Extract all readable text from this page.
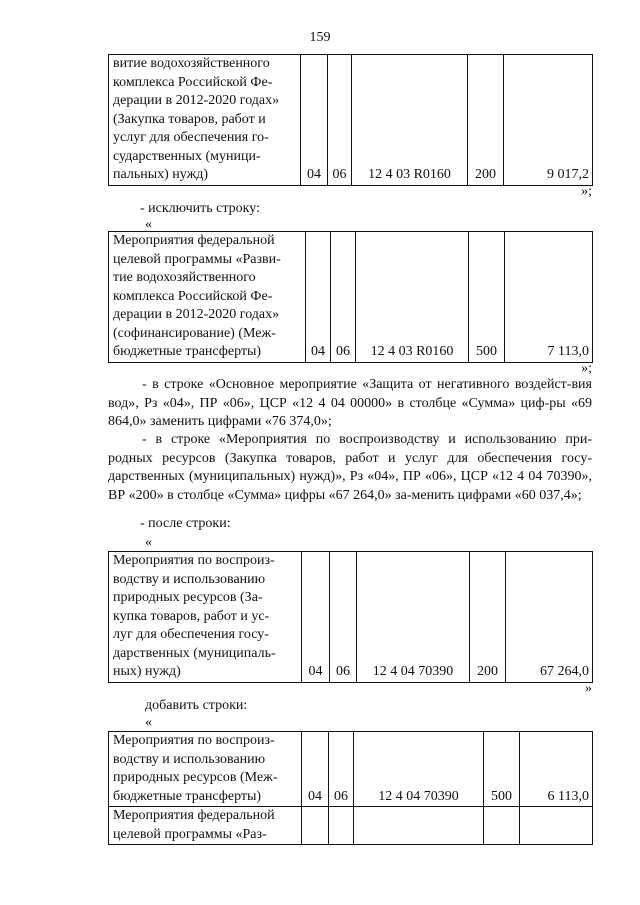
159
витие водохозяйственного
комплекса Российской Фе-
дерации в 2012-2020 годах»
(Закупка товаров, работ и
услуг для обеспечения го-
сударственных (муници-
пальных) нужд)	04	06	12 4 03 R0160	200	9 017,2
»;
- исключить строку:
«
Мероприятия федеральной
целевой программы «Разви-
тие водохозяйственного
комплекса Российской Фе-
дерации в 2012-2020 годах»
(софинансирование) (Меж-
бюджетные трансферты)	04	06	12 4 03 R0160	500	7 113,0
»;
- в строке «Основное мероприятие «Защита от негативного воздейст-вия вод», Рз «04», ПР «06», ЦСР «12 4 04 00000» в столбце «Сумма» циф-ры «69 864,0» заменить цифрами «76 374,0»;
- в строке «Мероприятия по воспроизводству и использованию при-родных ресурсов (Закупка товаров, работ и услуг для обеспечения госу-дарственных (муниципальных) нужд)», Рз «04», ПР «06», ЦСР «12 4 04 70390», ВР «200» в столбце «Сумма» цифры «67 264,0» за-менить цифрами «60 037,4»;
- после строки:
«
Мероприятия по воспроиз-
водству и использованию
природных ресурсов (За-
купка товаров, работ и ус-
луг для обеспечения госу-
дарственных (муниципаль-
ных) нужд)	04	06	12 4 04 70390	200	67 264,0
»
добавить строки:
«
Мероприятия по воспроиз-
водству и использованию
природных ресурсов (Меж-
бюджетные трансферты)	04	06	12 4 04 70390	500	6 113,0
Мероприятия федеральной
целевой программы «Раз-					
